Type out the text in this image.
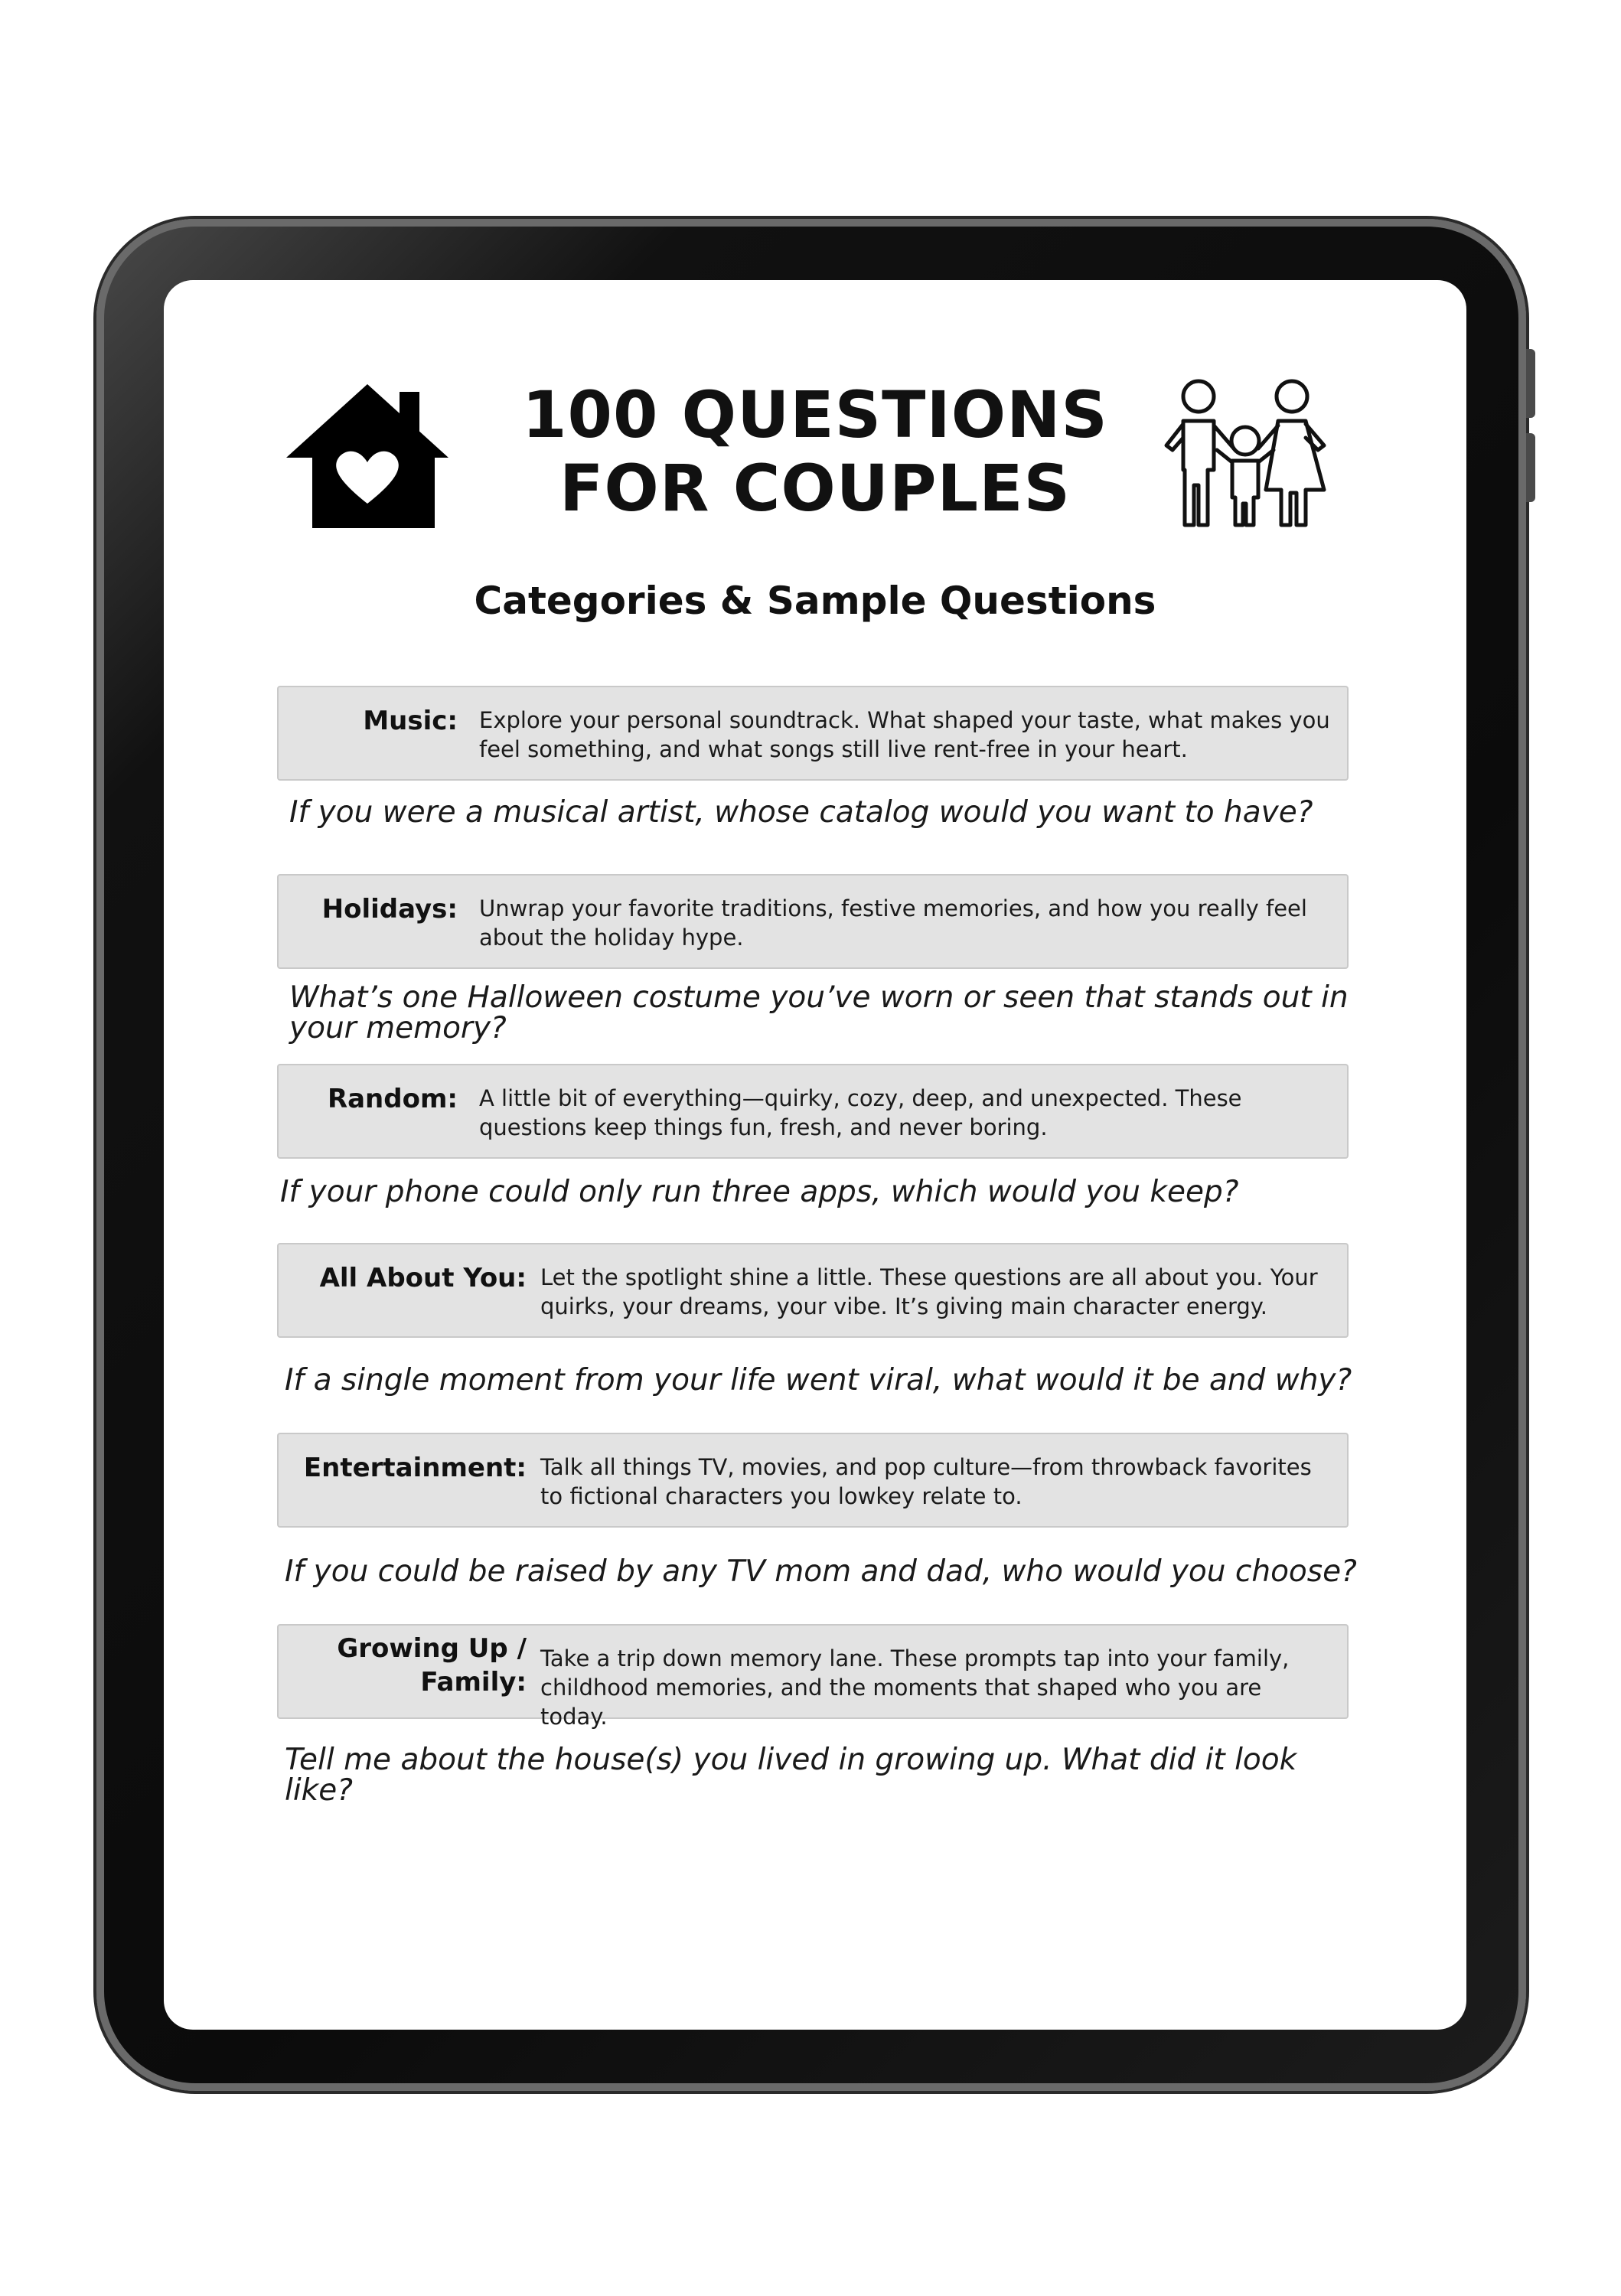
100 QUESTIONS
FOR COUPLES
Categories & Sample Questions
Music: Explore your personal soundtrack. What shaped your taste, what makes you feel something, and what songs still live rent-free in your heart.
If you were a musical artist, whose catalog would you want to have?
Holidays: Unwrap your favorite traditions, festive memories, and how you really feel about the holiday hype.
What’s one Halloween costume you’ve worn or seen that stands out in your memory?
Random: A little bit of everything—quirky, cozy, deep, and unexpected. These questions keep things fun, fresh, and never boring.
If your phone could only run three apps, which would you keep?
All About You: Let the spotlight shine a little. These questions are all about you. Your quirks, your dreams, your vibe. It’s giving main character energy.
If a single moment from your life went viral, what would it be and why?
Entertainment: Talk all things TV, movies, and pop culture—from throwback favorites to fictional characters you lowkey relate to.
If you could be raised by any TV mom and dad, who would you choose?
Growing Up / Family:
Take a trip down memory lane. These prompts tap into your family, childhood memories, and the moments that shaped who you are today.
Tell me about the house(s) you lived in growing up. What did it look like?
